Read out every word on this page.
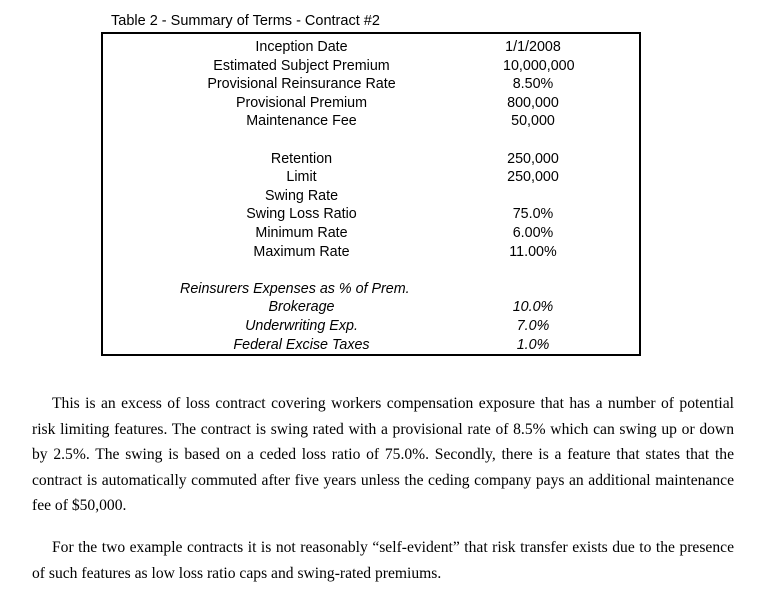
Table 2 - Summary of Terms - Contract #2
Inception Date	1/1/2008
Estimated Subject Premium	10,000,000
Provisional Reinsurance Rate	8.50%
Provisional Premium	800,000
Maintenance Fee	50,000
Retention	250,000
Limit	250,000
Swing Rate
Swing Loss Ratio	75.0%
Minimum Rate	6.00%
Maximum Rate	11.00%
Reinsurers Expenses as % of Prem.
Brokerage	10.0%
Underwriting Exp.	7.0%
Federal Excise Taxes	1.0%

This is an excess of loss contract covering workers compensation exposure that has a number of potential risk limiting features. The contract is swing rated with a provisional rate of 8.5% which can swing up or down by 2.5%. The swing is based on a ceded loss ratio of 75.0%. Secondly, there is a feature that states that the contract is automatically commuted after five years unless the ceding company pays an additional maintenance fee of $50,000.

For the two example contracts it is not reasonably “self-evident” that risk transfer exists due to the presence of such features as low loss ratio caps and swing-rated premiums.
